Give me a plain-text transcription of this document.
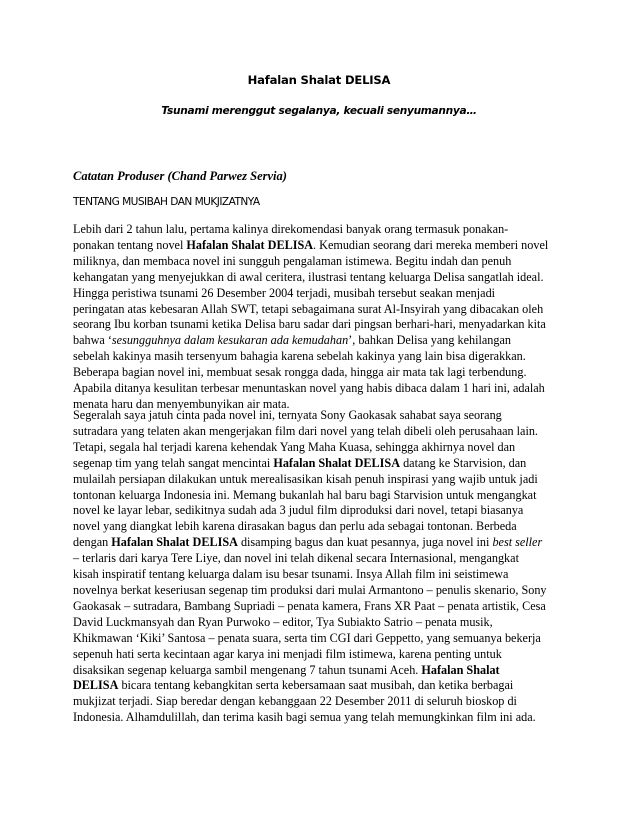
Hafalan Shalat DELISA
Tsunami merenggut segalanya, kecuali senyumannya…
Catatan Produser (Chand Parwez Servia)
TENTANG MUSIBAH DAN MUKJIZATNYA
Lebih dari 2 tahun lalu, pertama kalinya direkomendasi banyak orang termasuk ponakan-
ponakan tentang novel Hafalan Shalat DELISA. Kemudian seorang dari mereka memberi novel
miliknya, dan membaca novel ini sungguh pengalaman istimewa. Begitu indah dan penuh
kehangatan yang menyejukkan di awal ceritera, ilustrasi tentang keluarga Delisa sangatlah ideal.
Hingga peristiwa tsunami 26 Desember 2004 terjadi, musibah tersebut seakan menjadi
peringatan atas kebesaran Allah SWT, tetapi sebagaimana surat Al-Insyirah yang dibacakan oleh
seorang Ibu korban tsunami ketika Delisa baru sadar dari pingsan berhari-hari, menyadarkan kita
bahwa ‘sesungguhnya dalam kesukaran ada kemudahan’, bahkan Delisa yang kehilangan
sebelah kakinya masih tersenyum bahagia karena sebelah kakinya yang lain bisa digerakkan.
Beberapa bagian novel ini, membuat sesak rongga dada, hingga air mata tak lagi terbendung.
Apabila ditanya kesulitan terbesar menuntaskan novel yang habis dibaca dalam 1 hari ini, adalah
menata haru dan menyembunyikan air mata.
Segeralah saya jatuh cinta pada novel ini, ternyata Sony Gaokasak sahabat saya seorang
sutradara yang telaten akan mengerjakan film dari novel yang telah dibeli oleh perusahaan lain.
Tetapi, segala hal terjadi karena kehendak Yang Maha Kuasa, sehingga akhirnya novel dan
segenap tim yang telah sangat mencintai Hafalan Shalat DELISA datang ke Starvision, dan
mulailah persiapan dilakukan untuk merealisasikan kisah penuh inspirasi yang wajib untuk jadi
tontonan keluarga Indonesia ini. Memang bukanlah hal baru bagi Starvision untuk mengangkat
novel ke layar lebar, sedikitnya sudah ada 3 judul film diproduksi dari novel, tetapi biasanya
novel yang diangkat lebih karena dirasakan bagus dan perlu ada sebagai tontonan. Berbeda
dengan Hafalan Shalat DELISA disamping bagus dan kuat pesannya, juga novel ini best seller
– terlaris dari karya Tere Liye, dan novel ini telah dikenal secara Internasional, mengangkat
kisah inspiratif tentang keluarga dalam isu besar tsunami. Insya Allah film ini seistimewa
novelnya berkat keseriusan segenap tim produksi dari mulai Armantono – penulis skenario, Sony
Gaokasak – sutradara, Bambang Supriadi – penata kamera, Frans XR Paat – penata artistik, Cesa
David Luckmansyah dan Ryan Purwoko – editor, Tya Subiakto Satrio – penata musik,
Khikmawan ‘Kiki’ Santosa – penata suara, serta tim CGI dari Geppetto, yang semuanya bekerja
sepenuh hati serta kecintaan agar karya ini menjadi film istimewa, karena penting untuk
disaksikan segenap keluarga sambil mengenang 7 tahun tsunami Aceh. Hafalan Shalat
DELISA bicara tentang kebangkitan serta kebersamaan saat musibah, dan ketika berbagai
mukjizat terjadi. Siap beredar dengan kebanggaan 22 Desember 2011 di seluruh bioskop di
Indonesia. Alhamdulillah, dan terima kasih bagi semua yang telah memungkinkan film ini ada.
